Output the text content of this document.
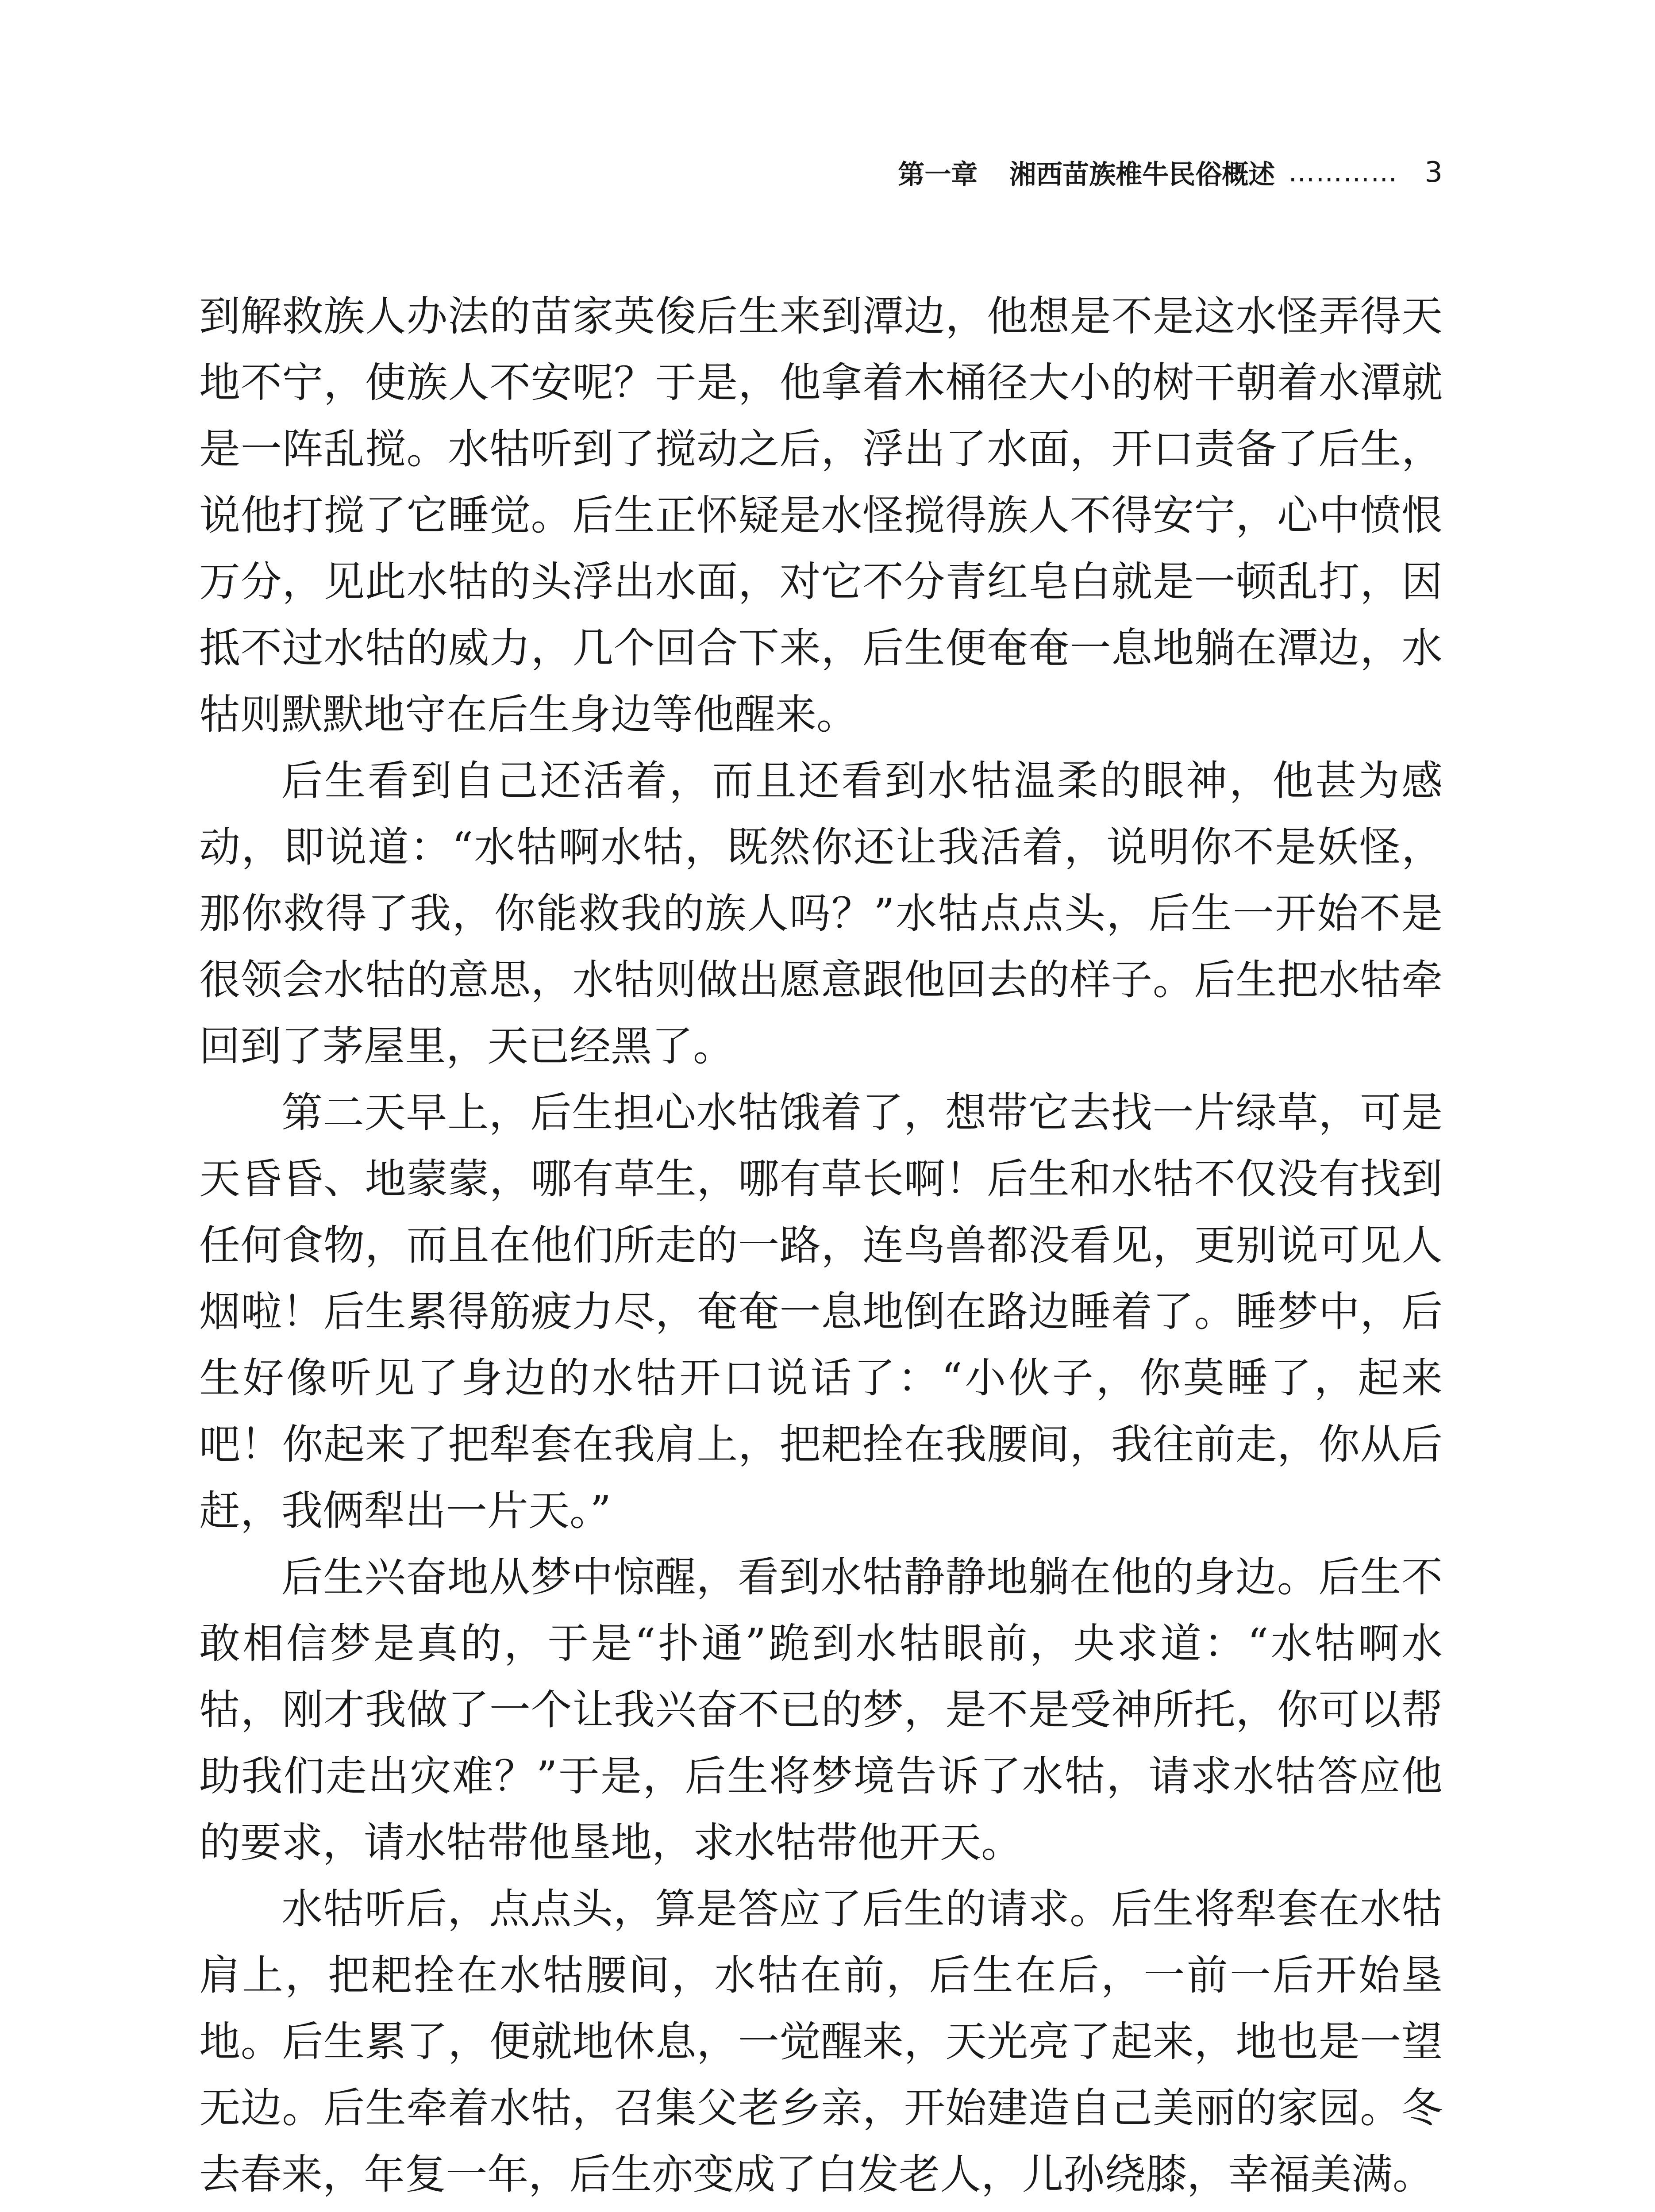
第一章 湘西苗族椎牛民俗概述 ………… 3

到解救族人办法的苗家英俊后生来到潭边，他想是不是这水怪弄得天地不宁，使族人不安呢？于是，他拿着木桶径大小的树干朝着水潭就是一阵乱搅。水牯听到了搅动之后，浮出了水面，开口责备了后生，说他打搅了它睡觉。后生正怀疑是水怪搅得族人不得安宁，心中愤恨万分，见此水牯的头浮出水面，对它不分青红皂白就是一顿乱打，因抵不过水牯的威力，几个回合下来，后生便奄奄一息地躺在潭边，水牯则默默地守在后生身边等他醒来。

后生看到自己还活着，而且还看到水牯温柔的眼神，他甚为感动，即说道：“水牯啊水牯，既然你还让我活着，说明你不是妖怪，那你救得了我，你能救我的族人吗？”水牯点点头，后生一开始不是很领会水牯的意思，水牯则做出愿意跟他回去的样子。后生把水牯牵回到了茅屋里，天已经黑了。

第二天早上，后生担心水牯饿着了，想带它去找一片绿草，可是天昏昏、地蒙蒙，哪有草生，哪有草长啊！后生和水牯不仅没有找到任何食物，而且在他们所走的一路，连鸟兽都没看见，更别说可见人烟啦！后生累得筋疲力尽，奄奄一息地倒在路边睡着了。睡梦中，后生好像听见了身边的水牯开口说话了：“小伙子，你莫睡了，起来吧！你起来了把犁套在我肩上，把耙拴在我腰间，我往前走，你从后赶，我俩犁出一片天。”

后生兴奋地从梦中惊醒，看到水牯静静地躺在他的身边。后生不敢相信梦是真的，于是“扑通”跪到水牯眼前，央求道：“水牯啊水牯，刚才我做了一个让我兴奋不已的梦，是不是受神所托，你可以帮助我们走出灾难？”于是，后生将梦境告诉了水牯，请求水牯答应他的要求，请水牯带他垦地，求水牯带他开天。

水牯听后，点点头，算是答应了后生的请求。后生将犁套在水牯肩上，把耙拴在水牯腰间，水牯在前，后生在后，一前一后开始垦地。后生累了，便就地休息，一觉醒来，天光亮了起来，地也是一望无边。后生牵着水牯，召集父老乡亲，开始建造自己美丽的家园。冬去春来，年复一年，后生亦变成了白发老人，儿孙绕膝，幸福美满。
